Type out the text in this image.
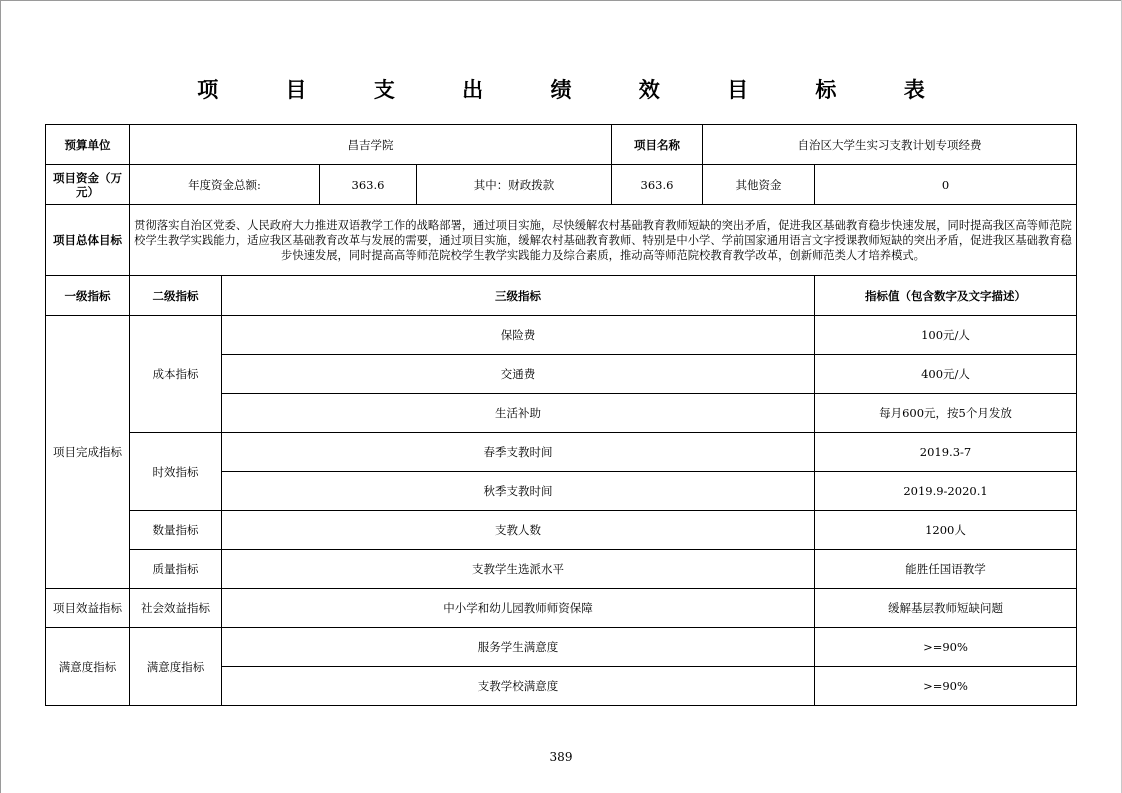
项 目 支 出 绩 效 目 标 表
预算单位	昌吉学院				项目名称	自治区大学生实习支教计划专项经费	
项目资金（万元）	年度资金总额:		363.6	其中：财政拨款	363.6	其他资金	0
项目总体目标	贯彻落实自治区党委、人民政府大力推进双语教学工作的战略部署，通过项目实施，尽快缓解农村基础教育教师短缺的突出矛盾，促进我区基础教育稳步快速发展，同时提高我区高等师范院校学生教学实践能力，适应我区基础教育改革与发展的需要，通过项目实施，缓解农村基础教育教师、特别是中小学、学前国家通用语言文字授课教师短缺的突出矛盾，促进我区基础教育稳步快速发展，同时提高高等师范院校学生教学实践能力及综合素质，推动高等师范院校教育教学改革，创新师范类人才培养模式。						
一级指标	二级指标	三级指标					指标值（包含数字及文字描述）
项目完成指标	成本指标	保险费					100元/人
		交通费					400元/人
		生活补助					每月600元，按5个月发放
	时效指标	春季支教时间					2019.3-7
		秋季支教时间					2019.9-2020.1
	数量指标	支教人数					1200人
	质量指标	支教学生选派水平					能胜任国语教学
项目效益指标	社会效益指标	中小学和幼儿园教师师资保障					缓解基层教师短缺问题
满意度指标	满意度指标	服务学生满意度					>=90%
		支教学校满意度					>=90%
389
